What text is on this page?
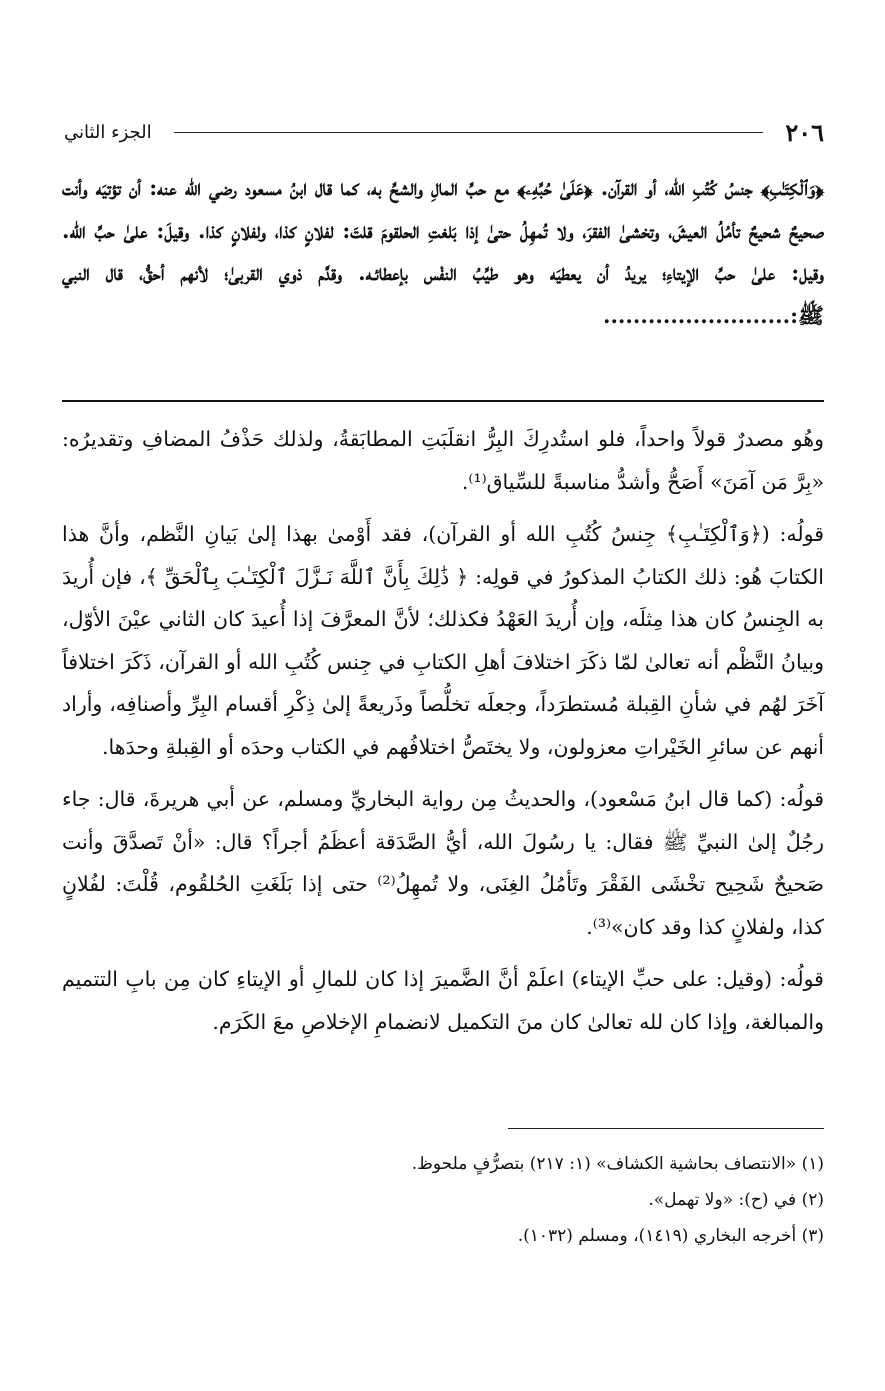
٢٠٦
الجزء الثاني
﴿وَٱلْكِتَـٰبِ﴾ جنسُ كُتُبِ الله، أو القرآن. ﴿عَلَىٰ حُبِّهِۦ﴾ مع حبِّ المالِ والشحِّ به، كما قال ابنُ مسعود رضي الله عنه: أن تؤتيَه وأنت صحيحٌ شحيحٌ تأمُلُ العيشَ، وتخشىٰ الفقرَ، ولا تُمهِلُ حتىٰ إذا بَلغتِ الحلقومَ قلتَ: لفلانٍ كذا، ولفلانٍ كذا. وقيلَ: علىٰ حبِّ الله. وقيل: علىٰ حبِّ الإيتاءِ؛ يريدُ أن يعطيَه وهو طيِّبُ النفْس بإعطائـه. وقدَّم ذوي القربىٰ؛ لأنهم أحقُّ، قال النبي ﷺ:.........................

وهُو مصدرٌ قولاً واحداً، فلو استُدرِكَ البِرُّ انقلَبَتِ المطابَقةُ، ولذلك حَذْفُ المضافِ وتقديرُه: «بِرَّ مَن آمَنَ» أَصَحُّ وأشدُّ مناسبةً للسِّياق⁽¹⁾.

قولُه: (﴿وَٱلْكِتَـٰبِ﴾ جِنسُ كُتُبِ الله أو القرآن)، فقد أَوْمىٰ بهذا إلىٰ بَيانِ النَّظم، وأنَّ هذا الكتابَ هُو: ذلك الكتابُ المذكورُ في قولِه: ﴿ ذَٰلِكَ بِأَنَّ ٱللَّهَ نَـزَّلَ ٱلْكِتَـٰبَ بِٱلْحَقِّ ﴾، فإن أُريدَ به الجِنسُ كان هذا مِثلَه، وإن أُريدَ العَهْدُ فكذلك؛ لأنَّ المعرَّفَ إذا أُعيدَ كان الثاني عيْنَ الأوّل، وبيانُ النَّظْم أنه تعالىٰ لمّا ذكَرَ اختلافَ أهلِ الكتابِ في جِنس كُتُبِ الله أو القرآن، ذَكَرَ اختلافاً آخَرَ لهُم في شأنِ القِبلة مُستطرَداً، وجعلَه تخلُّصاً وذَريعةً إلىٰ ذِكْرِ أقسام البِرِّ وأصنافِه، وأراد أنهم عن سائرِ الخَيْراتِ معزولون، ولا يختَصُّ اختلافُهم في الكتاب وحدَه أو القِبلةِ وحدَها.

قولُه: (كما قال ابنُ مَسْعود)، والحديثُ مِن رواية البخاريِّ ومسلم، عن أبي هريرةَ، قال: جاء رجُلٌ إلىٰ النبيِّ ﷺ فقال: يا رسُولَ الله، أيُّ الصَّدَقة أعظَمُ أجراً؟ قال: «أنْ تَصدَّقَ وأنت صَحيحٌ شَحِيح تخْشَى الفَقْرَ وتَأمُلُ الغِنَى، ولا تُمهِلُ⁽²⁾ حتى إذا بَلَغَتِ الحُلقُوم، قُلْتَ: لفُلانٍ كذا، ولفلانٍ كذا وقد كان»⁽³⁾.

قولُه: (وقيل: على حبِّ الإيتاء) اعلَمْ أنَّ الضَّميرَ إذا كان للمالِ أو الإيتاءِ كان مِن بابِ التتميم والمبالغة، وإذا كان لله تعالىٰ كان منَ التكميل لانضمامِ الإخلاصِ معَ الكَرَم.

(١) «الانتصاف بحاشية الكشاف» (١: ٢١٧) بتصرُّفٍ ملحوظ.
(٢) في (ح): «ولا تهمل».
(٣) أخرجه البخاري (١٤١٩)، ومسلم (١٠٣٢).
